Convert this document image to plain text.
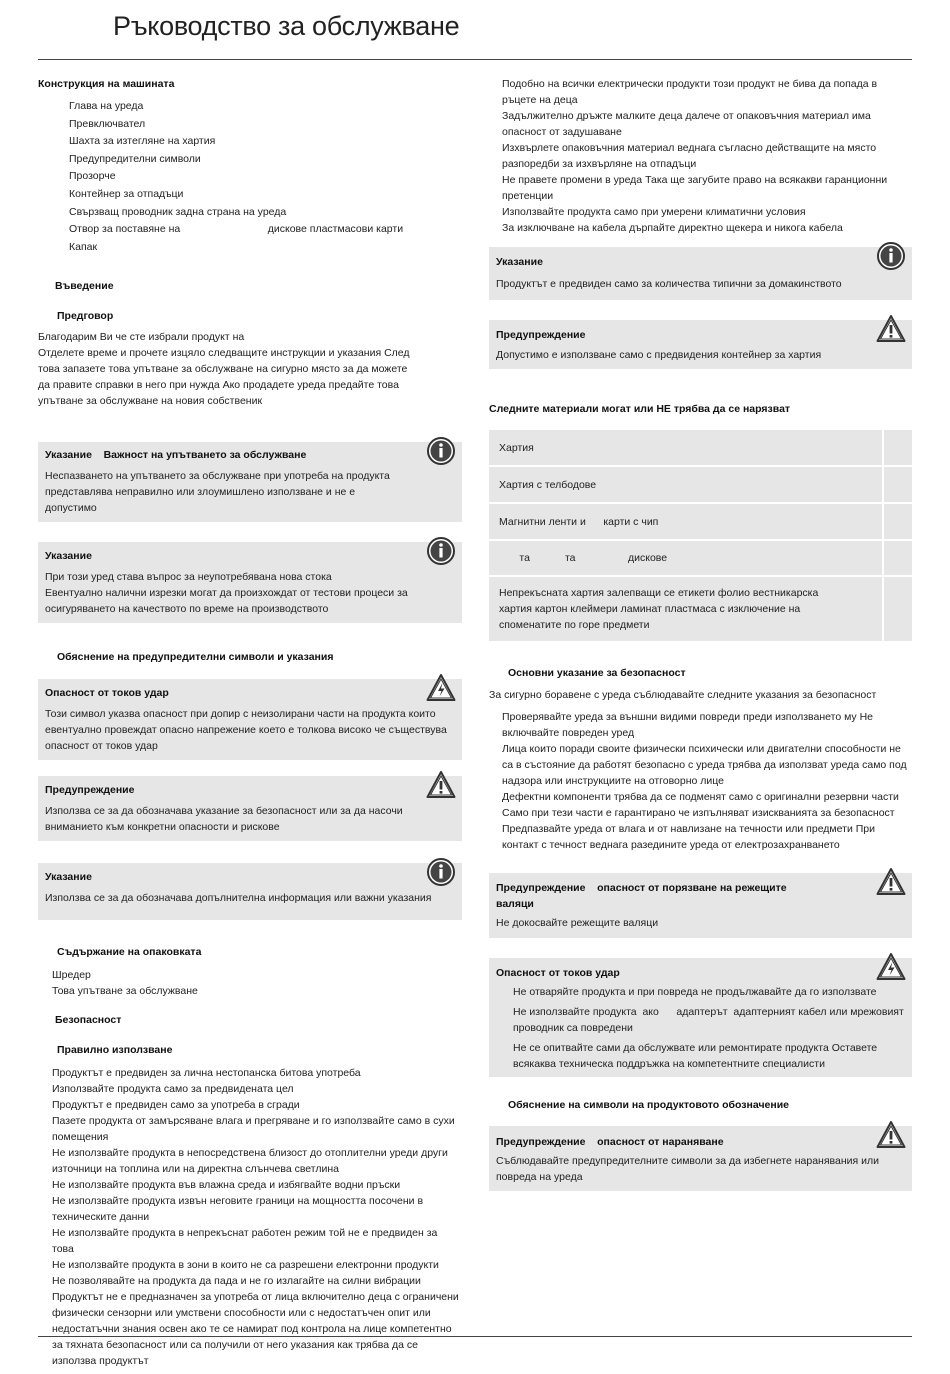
Ръководство за обслужване
Конструкция на машината
Глава на уреда
Превключвател
Шахта за изтегляне на хартия
Предупредителни символи
Прозорче
Контейнер за отпадъци
Свързващ проводник задна страна на уреда
Отвор за поставяне на                              дискове пластмасови карти
Капак
Въведение
Предговор
Благодарим Ви че сте избрали продукт на
Отделете време и прочете изцяло следващите инструкции и указания След това запазете това упътване за обслужване на сигурно място за да можете да правите справки в него при нужда Ако продадете уреда предайте това упътване за обслужване на новия собственик
Указание    Важност на упътването за обслужване
Неспазването на упътването за обслужване при употреба на продукта представлява неправилно или злоумишлено използване и не е допустимо
Указание
При този уред става въпрос за неупотребявана нова стока
Евентуално налични изрезки могат да произхождат от тестови процеси за осигуряването на качеството по време на производството
Обяснение на предупредителни символи и указания
Опасност от токов удар
Този символ указва опасност при допир с неизолирани части на продукта които евентуално провеждат опасно напрежение което е толкова високо че съществува опасност от токов удар
Предупреждение
Използва се за да обозначава указание за безопасност или за да насочи вниманието към конкретни опасности и рискове
Указание
Използва се за да обозначава допълнителна информация или важни указания
Съдържание на опаковката
Шредер
Това упътване за обслужване
Безопасност
Правилно използване
Продуктът е предвиден за лична нестопанска битова употреба
Използвайте продукта само за предвидената цел
Продуктът е предвиден само за употреба в сгради
Пазете продукта от замърсяване влага и прегряване и го използвайте само в сухи помещения
Не използвайте продукта в непосредствена близост до отоплителни уреди други източници на топлина или на директна слънчева светлина
Не използвайте продукта във влажна среда и избягвайте водни пръски
Не използвайте продукта извън неговите граници на мощността посочени в техническите данни
Не използвайте продукта в непрекъснат работен режим той не е предвиден за това
Не използвайте продукта в зони в които не са разрешени електронни продукти
Не позволявайте на продукта да пада и не го излагайте на силни вибрации
Продуктът не е предназначен за употреба от лица включително деца с ограничени физически сензорни или умствени способности или с недостатъчен опит или недостатъчни знания освен ако те се намират под контрола на лице компетентно за тяхната безопасност или са получили от него указания как трябва да се използва продуктът
Подобно на всички електрически продукти този продукт не бива да попада в ръцете на деца
Задължително дръжте малките деца далече от опаковъчния материал има опасност от задушаване
Изхвърлете опаковъчния материал веднага съгласно действащите на място разпоредби за изхвърляне на отпадъци
Не правете промени в уреда Така ще загубите право на всякакви гаранционни претенции
Използвайте продукта само при умерени климатични условия
За изключване на кабела дърпайте директно щекера и никога кабела
Указание
Продуктът е предвиден само за количества типични за домакинството
Предупреждение
Допустимо е използване само с предвидения контейнер за хартия
Следните материали могат или НЕ трябва да се нарязват
Хартия	
Хартия с телбодове	
Магнитни ленти и      карти с чип	
та            та                  дискове	
Непрекъсната хартия залепващи се етикети фолио вестникарска хартия картон клеймери ламинат пластмаса с изключение на споменатите по горе предмети	
Основни указание за безопасност
За сигурно боравене с уреда съблюдавайте следните указания за безопасност
Проверявайте уреда за външни видими повреди преди използването му Не включвайте повреден уред
Лица които поради своите физически психически или двигателни способности не са в състояние да работят безопасно с уреда трябва да използват уреда само под надзора или инструкциите на отговорно лице
Дефектни компоненти трябва да се подменят само с оригинални резервни части Само при тези части е гарантирано че изпълняват изискванията за безопасност
Предпазвайте уреда от влага и от навлизане на течности или предмети При контакт с течност веднага разедините уреда от електрозахранването
Предупреждение    опасност от порязване на режещите валяци
Не докосвайте режещите валяци
Опасност от токов удар
Не отваряйте продукта и при повреда не продължавайте да го използвате
Не използвайте продукта  ако      адаптерът  адаптерният кабел или мрежовият проводник са повредени
Не се опитвайте сами да обслужвате или ремонтирате продукта Оставете всякаква техническа поддръжка на компетентните специалисти
Обяснение на символи на продуктовото обозначение
Предупреждение    опасност от нараняване
Съблюдавайте предупредителните символи за да избегнете наранявания или повреда на уреда
